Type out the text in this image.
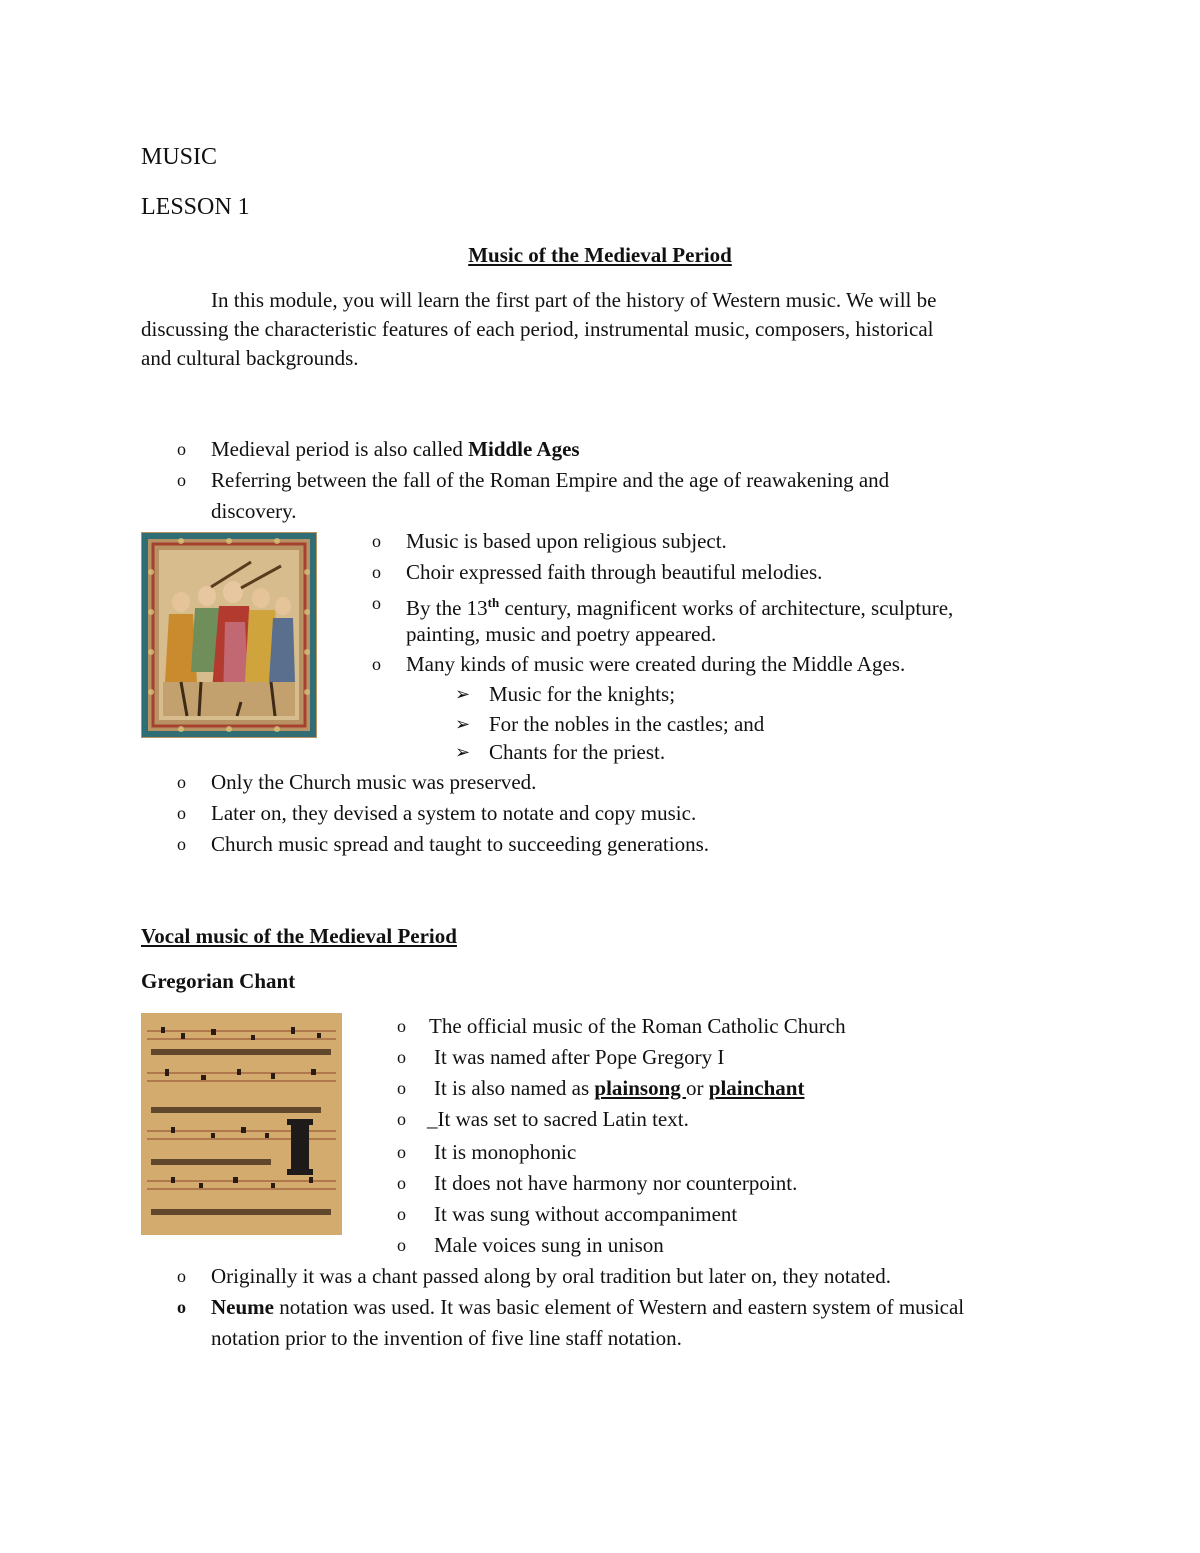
MUSIC
LESSON 1
Music of the Medieval Period
In this module, you will learn the first part of the history of Western music. We will be
discussing the characteristic features of each period, instrumental music, composers, historical
and cultural backgrounds.
o Medieval period is also called Middle Ages
o Referring between the fall of the Roman Empire and the age of reawakening and
discovery.
o Music is based upon religious subject.
o Choir expressed faith through beautiful melodies.
o By the 13th century, magnificent works of architecture, sculpture,
painting, music and poetry appeared.
o Many kinds of music were created during the Middle Ages.
➢ Music for the knights;
➢ For the nobles in the castles; and
➢ Chants for the priest.
o Only the Church music was preserved.
o Later on, they devised a system to notate and copy music.
o Church music spread and taught to succeeding generations.
Vocal music of the Medieval Period
Gregorian Chant
o The official music of the Roman Catholic Church
o It was named after Pope Gregory I
o It is also named as plainsong or plainchant
o _It was set to sacred Latin text.
o It is monophonic
o It does not have harmony nor counterpoint.
o It was sung without accompaniment
o Male voices sung in unison
o Originally it was a chant passed along by oral tradition but later on, they notated.
o Neume notation was used. It was basic element of Western and eastern system of musical
notation prior to the invention of five line staff notation.
